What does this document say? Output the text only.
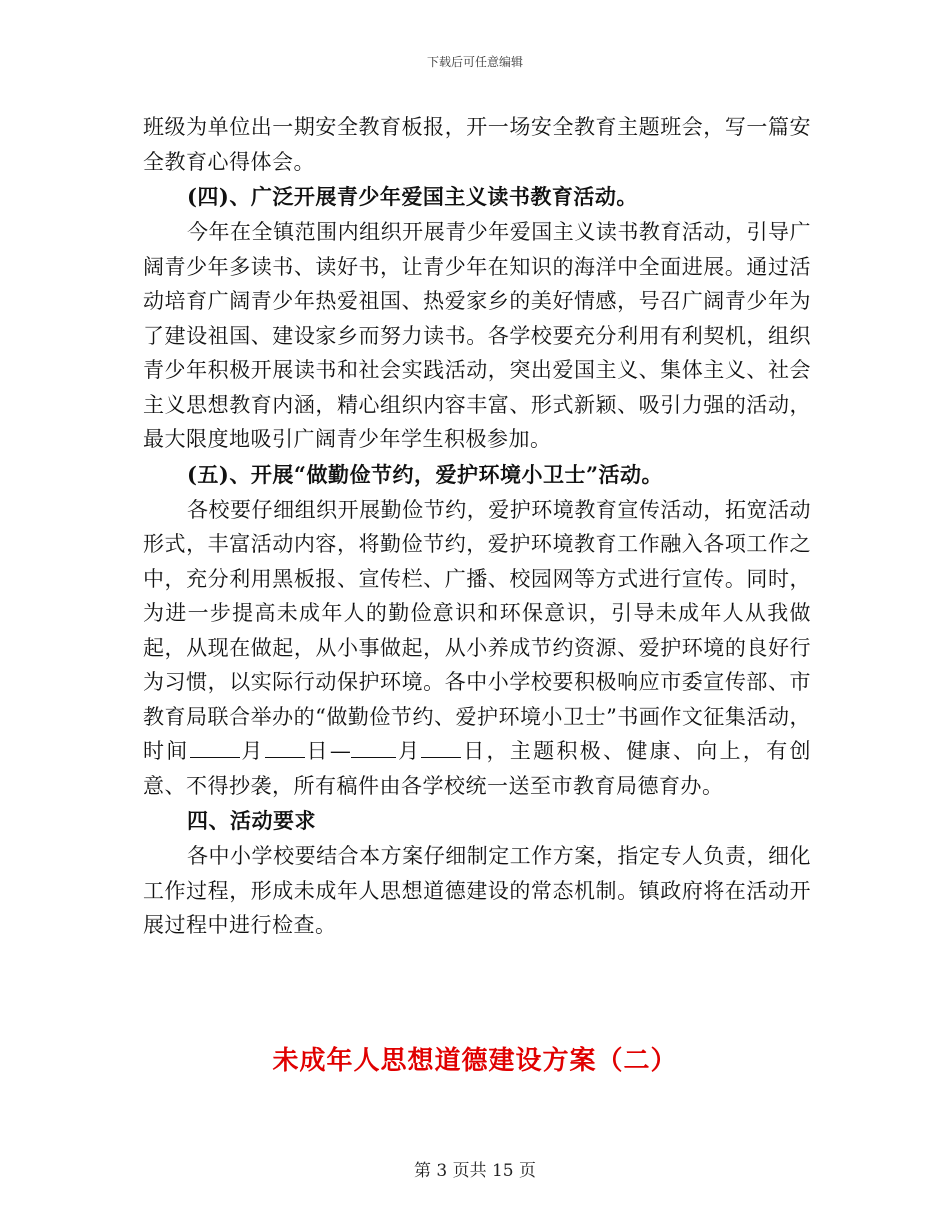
下载后可任意编辑

班级为单位出一期安全教育板报，开一场安全教育主题班会，写一篇安全教育心得体会。

(四)、广泛开展青少年爱国主义读书教育活动。

今年在全镇范围内组织开展青少年爱国主义读书教育活动，引导广阔青少年多读书、读好书，让青少年在知识的海洋中全面进展。通过活动培育广阔青少年热爱祖国、热爱家乡的美好情感，号召广阔青少年为了建设祖国、建设家乡而努力读书。各学校要充分利用有利契机，组织青少年积极开展读书和社会实践活动，突出爱国主义、集体主义、社会主义思想教育内涵，精心组织内容丰富、形式新颖、吸引力强的活动，最大限度地吸引广阔青少年学生积极参加。

(五)、开展“做勤俭节约，爱护环境小卫士”活动。

各校要仔细组织开展勤俭节约，爱护环境教育宣传活动，拓宽活动形式，丰富活动内容，将勤俭节约，爱护环境教育工作融入各项工作之中，充分利用黑板报、宣传栏、广播、校园网等方式进行宣传。同时，为进一步提高未成年人的勤俭意识和环保意识，引导未成年人从我做起，从现在做起，从小事做起，从小养成节约资源、爱护环境的良好行为习惯，以实际行动保护环境。各中小学校要积极响应市委宣传部、市教育局联合举办的“做勤俭节约、爱护环境小卫士”书画作文征集活动，时间 月 日— 月 日，主题积极、健康、向上，有创意、不得抄袭，所有稿件由各学校统一送至市教育局德育办。

四、活动要求

各中小学校要结合本方案仔细制定工作方案，指定专人负责，细化工作过程，形成未成年人思想道德建设的常态机制。镇政府将在活动开展过程中进行检查。

未成年人思想道德建设方案（二）
第 3 页共 15 页
